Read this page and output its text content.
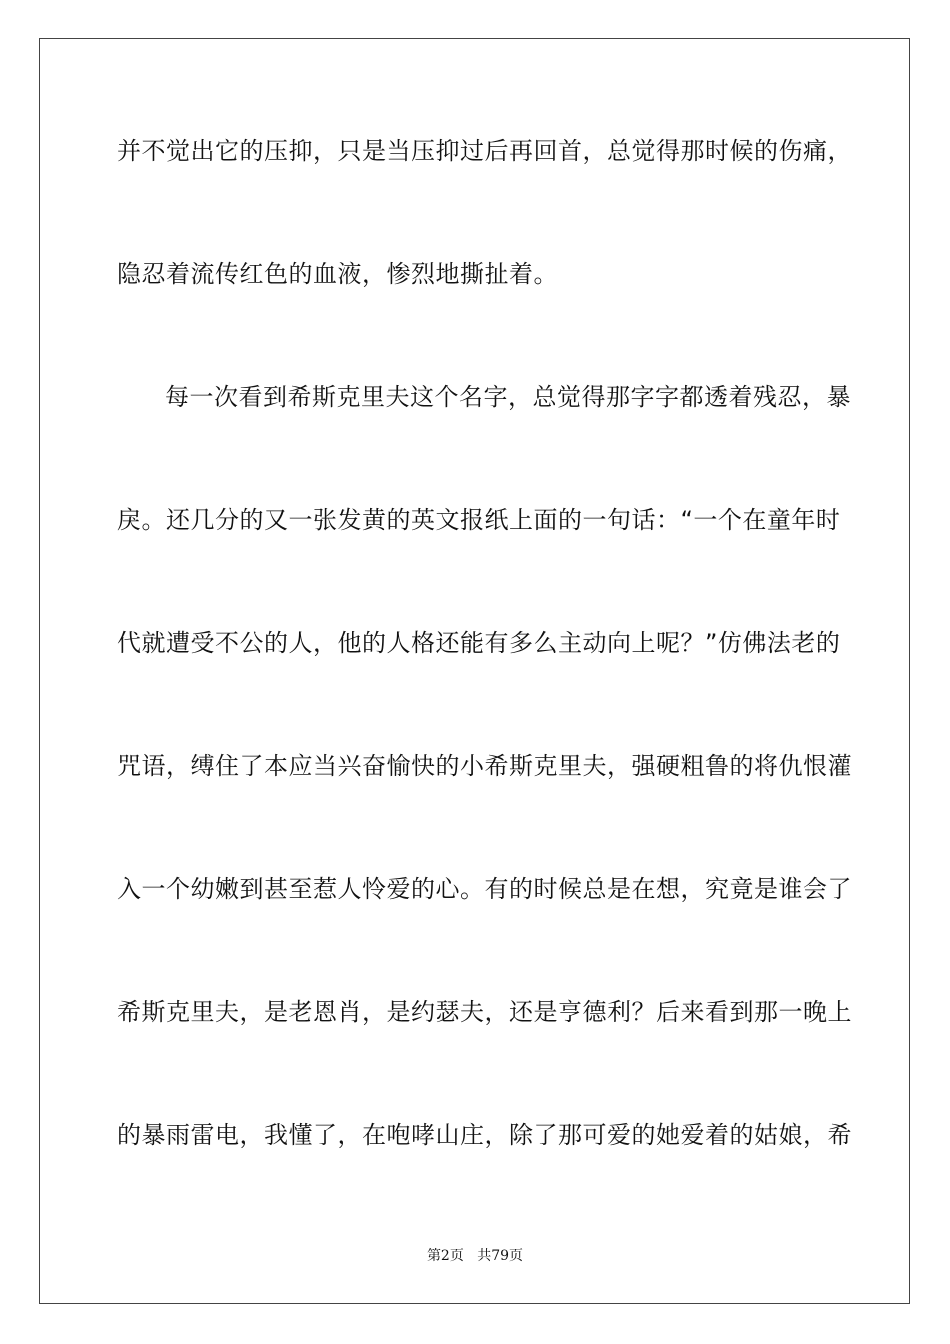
并不觉出它的压抑，只是当压抑过后再回首，总觉得那时候的伤痛，
隐忍着流传红色的血液，惨烈地撕扯着。
每一次看到希斯克里夫这个名字，总觉得那字字都透着残忍，暴
戾。还几分的又一张发黄的英文报纸上面的一句话：“一个在童年时
代就遭受不公的人，他的人格还能有多么主动向上呢？”仿佛法老的
咒语，缚住了本应当兴奋愉快的小希斯克里夫，强硬粗鲁的将仇恨灌
入一个幼嫩到甚至惹人怜爱的心。有的时候总是在想，究竟是谁会了
希斯克里夫，是老恩肖，是约瑟夫，还是亨德利？后来看到那一晚上
的暴雨雷电，我懂了，在咆哮山庄，除了那可爱的她爱着的姑娘，希
第2页 共79页
